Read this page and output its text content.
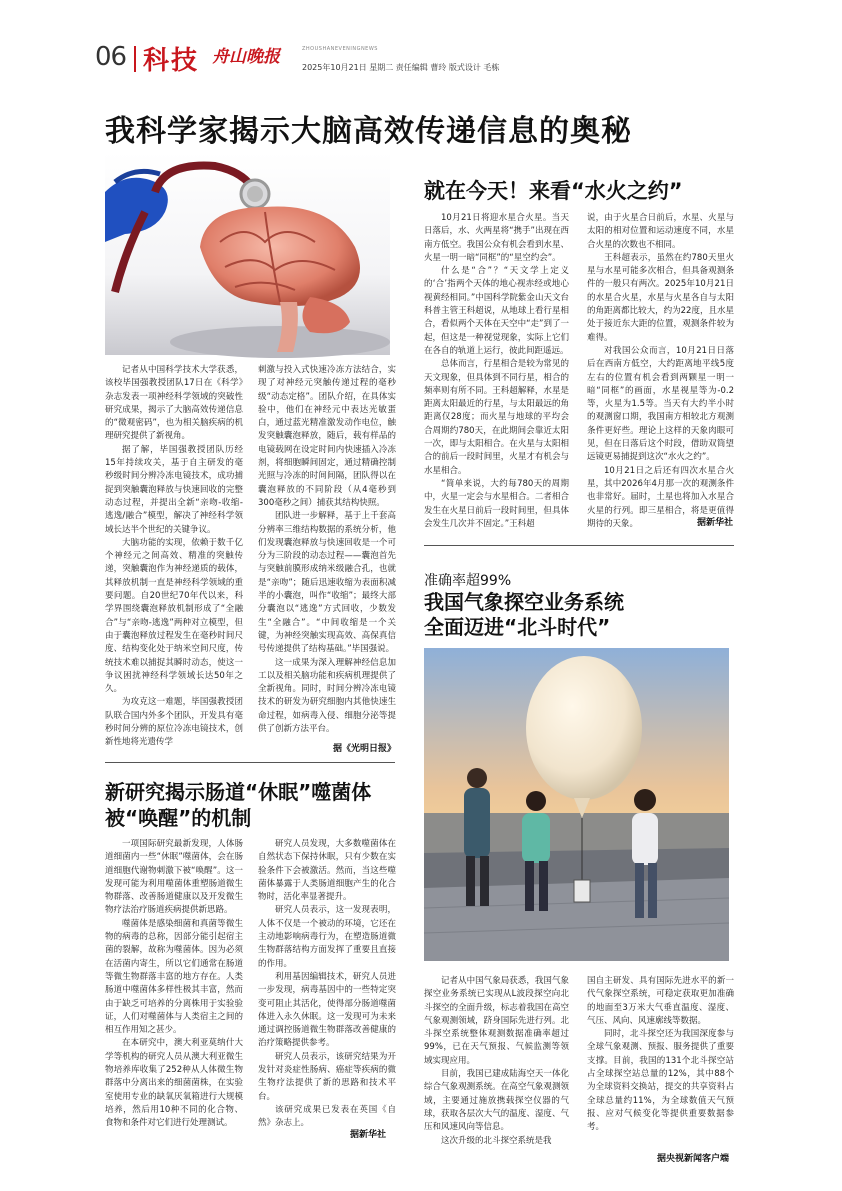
06 科技 舟山晚报	ZHOUSHANEVENINGNEWS
2025年10月21日 星期二 责任编辑 曹玲 版式设计 毛栋
我科学家揭示大脑高效传递信息的奥秘

记者从中国科学技术大学获悉，该校毕国强教授团队17日在《科学》杂志发表一项神经科学领域的突破性研究成果，揭示了大脑高效传递信息的“微观密码”，也为相关脑疾病的机理研究提供了新视角。

据了解，毕国强教授团队历经15年持续攻关，基于自主研发的毫秒级时间分辨冷冻电镜技术，成功捕捉到突触囊泡释放与快速回收的完整动态过程，并提出全新“亲吻-收缩-逃逸/融合”模型，解决了神经科学领域长达半个世纪的关键争议。

大脑功能的实现，依赖于数千亿个神经元之间高效、精准的突触传递，突触囊泡作为神经递质的载体，其释放机制一直是神经科学领域的重要问题。自20世纪70年代以来，科学界围绕囊泡释放机制形成了“全融合”与“亲吻-逃逸”两种对立模型，但由于囊泡释放过程发生在毫秒时间尺度、结构变化处于纳米空间尺度，传统技术难以捕捉其瞬时动态，使这一争议困扰神经科学领域长达50年之久。

为攻克这一难题，毕国强教授团队联合国内外多个团队，开发具有毫秒时间分辨的原位冷冻电镜技术，创新性地将光遗传学

刺激与投入式快速冷冻方法结合，实现了对神经元突触传递过程的毫秒级“动态定格”。团队介绍，在具体实验中，他们在神经元中表达光敏蛋白，通过蓝光精准激发动作电位，触发突触囊泡释放，随后，载有样品的电镜载网在设定时间内快速插入冷冻剂，将细胞瞬间固定，通过精确控制光照与冷冻的时间间隔，团队得以在囊泡释放的不同阶段（从4毫秒到300毫秒之间）捕获其结构快照。

团队进一步解释，基于上千套高分辨率三维结构数据的系统分析，他们发现囊泡释放与快速回收是一个可分为三阶段的动态过程——囊泡首先与突触前膜形成纳米级融合孔，也就是“亲吻”；随后迅速收缩为表面积减半的小囊泡，叫作“收缩”；最终大部分囊泡以“逃逸”方式回收，少数发生“全融合”。“中间收缩是一个关键，为神经突触实现高效、高保真信号传递提供了结构基础。”毕国强说。

这一成果为深入理解神经信息加工以及相关脑功能和疾病机理提供了全新视角。同时，时间分辨冷冻电镜技术的研发为研究细胞内其他快速生命过程，如病毒入侵、细胞分泌等提供了创新方法平台。

据《光明日报》
新研究揭示肠道“休眠”噬菌体
被“唤醒”的机制

一项国际研究最新发现，人体肠道细菌内一些“休眠”噬菌体，会在肠道细胞代谢物刺激下被“唤醒”。这一发现可能为利用噬菌体重塑肠道微生物群落、改善肠道健康以及开发微生物疗法治疗肠道疾病提供新思路。

噬菌体是感染细菌和真菌等微生物的病毒的总称，因部分能引起宿主菌的裂解，故称为噬菌体。因为必须在活菌内寄生，所以它们通常在肠道等微生物群落丰富的地方存在。人类肠道中噬菌体多样性极其丰富，然而由于缺乏可培养的分离株用于实验验证，人们对噬菌体与人类宿主之间的相互作用知之甚少。

在本研究中，澳大利亚莫纳什大学等机构的研究人员从澳大利亚微生物培养库收集了252种从人体微生物群落中分离出来的细菌菌株，在实验室使用专业的缺氧厌氧箱进行大规模培养，然后用10种不同的化合物、食物和条件对它们进行处理测试。

研究人员发现，大多数噬菌体在自然状态下保持休眠，只有少数在实验条件下会被激活。然而，当这些噬菌体暴露于人类肠道细胞产生的化合物时，活化率显著提升。

研究人员表示，这一发现表明，人体不仅是一个被动的环境，它还在主动地影响病毒行为，在塑造肠道微生物群落结构方面发挥了重要且直接的作用。

利用基因编辑技术，研究人员进一步发现，病毒基因中的一些特定突变可阻止其活化，使得部分肠道噬菌体进入永久休眠。这一发现可为未来通过调控肠道微生物群落改善健康的治疗策略提供参考。

研究人员表示，该研究结果为开发针对炎症性肠病、癌症等疾病的微生物疗法提供了新的思路和技术平台。

该研究成果已发表在英国《自然》杂志上。

据新华社
就在今天！来看“水火之约”

10月21日将迎水星合火星。当天日落后，水、火两星将“携手”出现在西南方低空。我国公众有机会看到水星、火星一明一暗“同框”的“星空约会”。

什么是“合”？“天文学上定义的‘合’指两个天体的地心视赤经或地心视黄经相同。”中国科学院紫金山天文台科普主管王科超说，从地球上看行星相合，看似两个天体在天空中“走”到了一起，但这是一种视觉现象，实际上它们在各自的轨道上运行，彼此间距遥远。

总体而言，行星相合是较为常见的天文现象，但具体到不同行星，相合的频率则有所不同。王科超解释，水星是距离太阳最近的行星，与太阳最远的角距离仅28度；而火星与地球的平均会合周期约780天，在此期间会靠近太阳一次，即与太阳相合。在火星与太阳相合的前后一段时间里，火星才有机会与水星相合。

“简单来说，大约每780天的周期中，火星一定会与水星相合。二者相合发生在火星日前后一段时间里，但具体会发生几次并不固定。”王科超

说，由于火星合日前后，水星、火星与太阳的相对位置和运动速度不同，水星合火星的次数也不相同。

王科超表示，虽然在约780天里火星与水星可能多次相合，但具备观测条件的一般只有两次。2025年10月21日的水星合火星，水星与火星各自与太阳的角距离都比较大，约为22度，且水星处于接近东大距的位置，观测条件较为难得。

对我国公众而言，10月21日日落后在西南方低空，大约距离地平线5度左右的位置有机会看到两颗星一明一暗“同框”的画面，水星视星等为-0.2等，火星为1.5等。当天有大约半小时的观测窗口期，我国南方相较北方观测条件更好些。理论上这样的天象肉眼可见，但在日落后这个时段，借助双筒望远镜更易捕捉到这次“水火之约”。

10月21日之后还有四次水星合火星，其中2026年4月那一次的观测条件也非常好。届时，土星也将加入水星合火星的行列。即三星相合，将是更值得期待的天象。	据新华社
准确率超99%
我国气象探空业务系统
全面迈进“北斗时代”

记者从中国气象局获悉，我国气象探空业务系统已实现从L波段探空向北斗探空的全面升级，标志着我国在高空气象观测领域，跻身国际先进行列。北斗探空系统整体观测数据准确率超过99%，已在天气预报、气候监测等领域实现应用。

目前，我国已建成陆海空天一体化综合气象观测系统。在高空气象观测领域，主要通过施放携载探空仪器的气球，获取各层次大气的温度、湿度、气压和风速风向等信息。

这次升级的北斗探空系统是我

国自主研发、具有国际先进水平的新一代气象探空系统，可稳定获取更加准确的地面至3万米大气垂直温度、湿度、气压、风向、风速廓线等数据。

同时，北斗探空还为我国深度参与全球气象观测、预报、服务提供了重要支撑。目前，我国的131个北斗探空站占全球探空站总量的12%，其中88个为全球资料交换站，提交的共享资料占全球总量约11%，为全球数值天气预报、应对气候变化等提供重要数据参考。

据央视新闻客户端
